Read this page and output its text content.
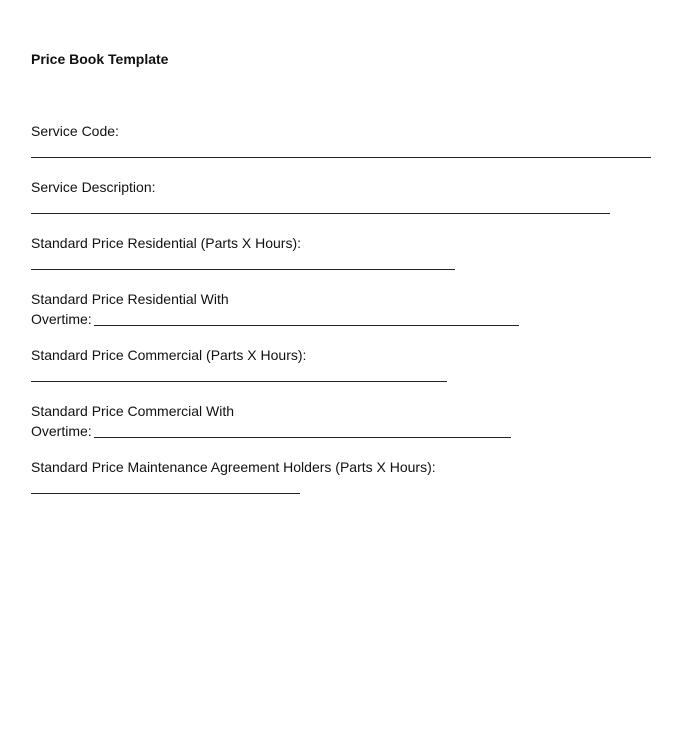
Price Book Template
Service Code:
Service Description:
Standard Price Residential (Parts X Hours):
Standard Price Residential With
Overtime:
Standard Price Commercial (Parts X Hours):
Standard Price Commercial With
Overtime:
Standard Price Maintenance Agreement Holders (Parts X Hours):
